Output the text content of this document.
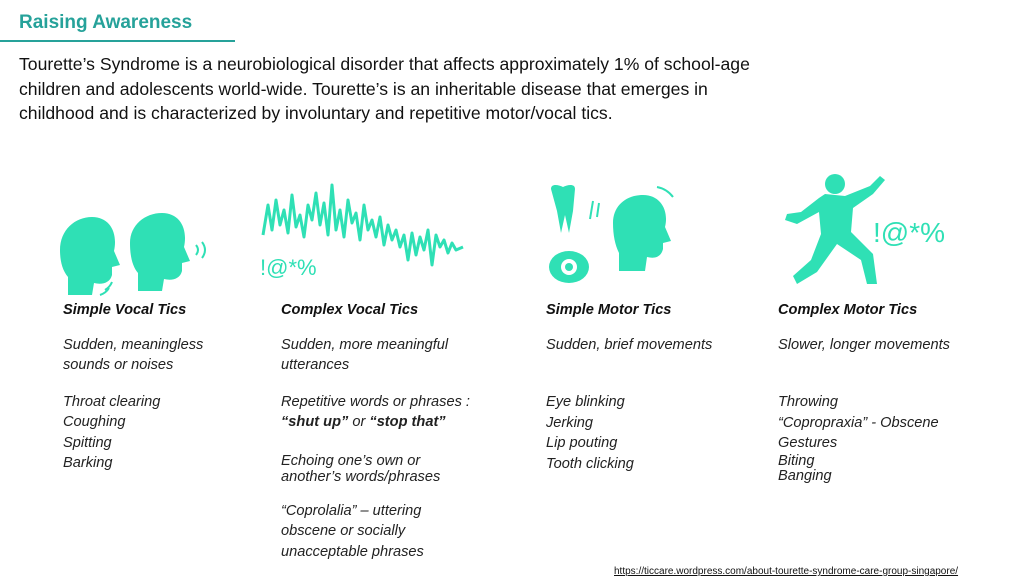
Raising Awareness
Tourette’s Syndrome is a neurobiological disorder that affects approximately 1% of school-age children and adolescents world-wide. Tourette’s is an inheritable disease that emerges in childhood and is characterized by involuntary and repetitive motor/vocal tics.
!@*%
!@*%
Simple Vocal Tics
Sudden, meaningless sounds or noises
Throat clearing
Coughing
Spitting
Barking
Complex Vocal Tics
Sudden, more meaningful utterances
Repetitive words or phrases :
“shut up” or “stop that”
Echoing one’s own or another’s words/phrases
“Coprolalia” – uttering obscene or socially unacceptable phrases
Simple Motor Tics
Sudden, brief movements
Eye blinking
Jerking
Lip pouting
Tooth clicking
Complex Motor Tics
Slower, longer movements
Throwing
“Copropraxia” - Obscene Gestures
Biting
Banging
https://ticcare.wordpress.com/about-tourette-syndrome-care-group-singapore/
